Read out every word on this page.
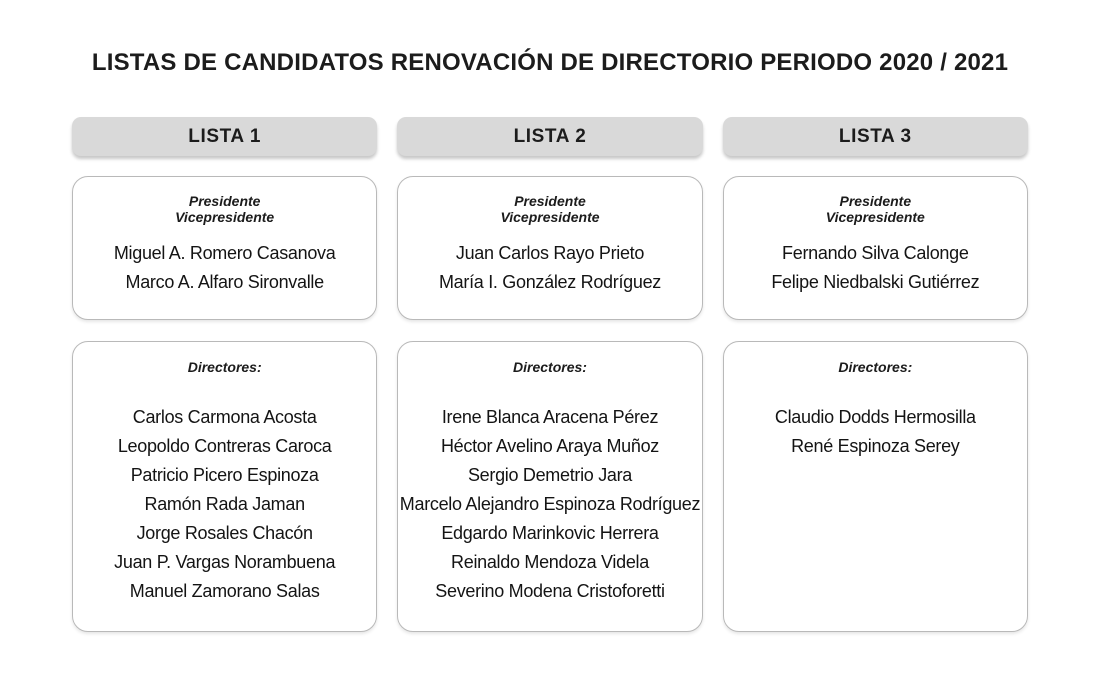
LISTAS DE CANDIDATOS RENOVACIÓN DE DIRECTORIO PERIODO 2020 / 2021
LISTA 1
Presidente
Vicepresidente
Miguel A. Romero Casanova
Marco A. Alfaro Sironvalle
Directores:
Carlos Carmona Acosta
Leopoldo Contreras Caroca
Patricio Picero Espinoza
Ramón Rada Jaman
Jorge Rosales Chacón
Juan P. Vargas Norambuena
Manuel Zamorano Salas
LISTA 2
Presidente
Vicepresidente
Juan Carlos Rayo Prieto
María I. González Rodríguez
Directores:
Irene Blanca Aracena Pérez
Héctor Avelino Araya Muñoz
Sergio Demetrio Jara
Marcelo Alejandro Espinoza Rodríguez
Edgardo Marinkovic Herrera
Reinaldo Mendoza Videla
Severino Modena Cristoforetti
LISTA 3
Presidente
Vicepresidente
Fernando Silva Calonge
Felipe Niedbalski Gutiérrez
Directores:
Claudio Dodds Hermosilla
René Espinoza Serey
